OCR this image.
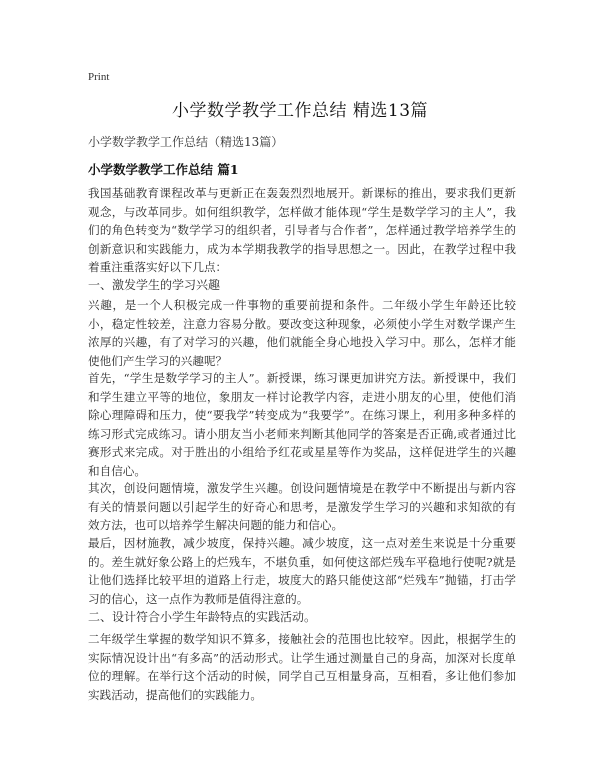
Print
小学数学教学工作总结 精选13篇

小学数学教学工作总结（精选13篇）

小学数学教学工作总结 篇1

我国基础教育课程改革与更新正在轰轰烈烈地展开。新课标的推出，要求我们更新观念，与改革同步。如何组织教学，怎样做才能体现“学生是数学学习的主人”，我们的角色转变为“数学学习的组织者，引导者与合作者”，怎样通过教学培养学生的创新意识和实践能力，成为本学期我教学的指导思想之一。因此，在教学过程中我着重注重落实好以下几点：

一、激发学生的学习兴趣

兴趣，是一个人积极完成一件事物的重要前提和条件。二年级小学生年龄还比较小，稳定性较差，注意力容易分散。要改变这种现象，必须使小学生对数学课产生浓厚的兴趣，有了对学习的兴趣，他们就能全身心地投入学习中。那么，怎样才能使他们产生学习的兴趣呢？

首先，“学生是数学学习的主人”。新授课，练习课更加讲究方法。新授课中，我们和学生建立平等的地位，象朋友一样讨论教学内容，走进小朋友的心里，使他们消除心理障碍和压力，使“要我学”转变成为“我要学”。在练习课上，利用多种多样的练习形式完成练习。请小朋友当小老师来判断其他同学的答案是否正确,或者通过比赛形式来完成。对于胜出的小组给予红花或星星等作为奖品，这样促进学生的兴趣和自信心。

其次，创设问题情境，激发学生兴趣。创设问题情境是在教学中不断提出与新内容有关的情景问题以引起学生的好奇心和思考，是激发学生学习的兴趣和求知欲的有效方法，也可以培养学生解决问题的能力和信心。

最后，因材施教，减少坡度，保持兴趣。减少坡度，这一点对差生来说是十分重要的。差生就好象公路上的烂残车，不堪负重，如何使这部烂残车平稳地行使呢?就是让他们选择比较平坦的道路上行走，坡度大的路只能使这部“烂残车”抛锚，打击学习的信心，这一点作为教师是值得注意的。

二、设计符合小学生年龄特点的实践活动。

二年级学生掌握的数学知识不算多，接触社会的范围也比较窄。因此，根据学生的实际情况设计出“有多高”的活动形式。让学生通过测量自己的身高，加深对长度单位的理解。在举行这个活动的时候，同学自己互相量身高，互相看，多让他们参加实践活动，提高他们的实践能力。
